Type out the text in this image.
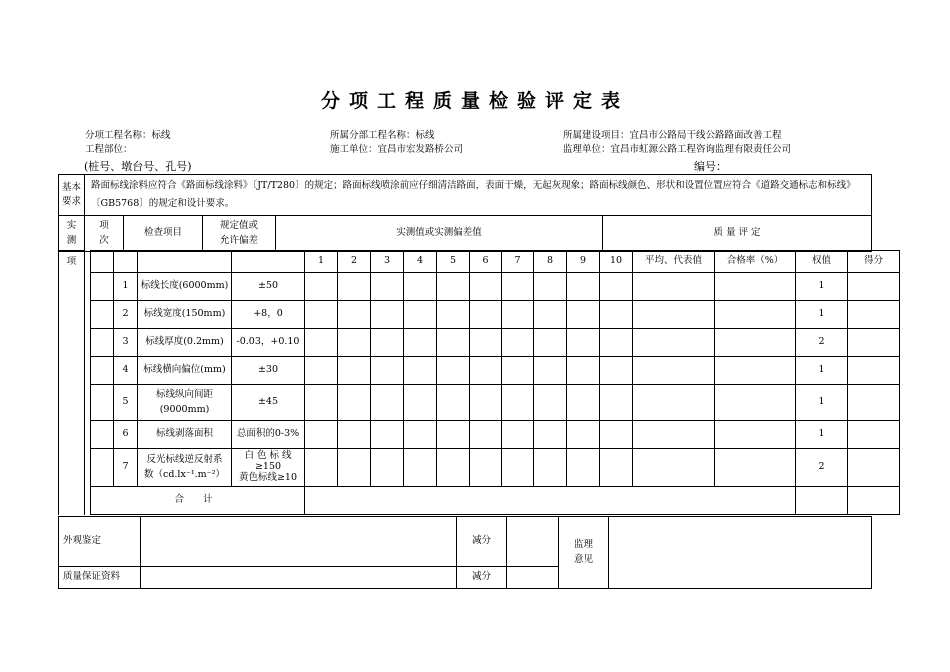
分项工程质量检验评定表
分项工程名称：标线	所属分部工程名称：标线	所属建设项目：宜昌市公路局干线公路路面改善工程
工程部位：	施工单位：宜昌市宏发路桥公司	监理单位：宜昌市虹源公路工程咨询监理有限责任公司
(桩号、墩台号、孔号)	编号：
基本
要求	路面标线涂料应符合《路面标线涂料》〔JT/T280〕的规定；路面标线喷涂前应仔细清洁路面，表面干燥，无起灰现象；路面标线颜色、形状和设置位置应符合《道路交通标志和标线》〔GB5768〕的规定和设计要求。				
实
测	项
次	检查项目	规定值或
允许偏差	实测值或实测偏差值	质 量 评 定
项						1	2	3	4	5	6	7	8	9	10	平均、代表值	合格率（%）	权值	得分
			1	标线长度(6000mm)	±50													1	
			2	标线宽度(150mm)	+8，0													1	
			3	标线厚度(0.2mm)	-0.03，+0.10													2	
			4	标线横向偏位(mm)	±30													1	
			5	标线纵向间距
(9000mm)	±45													1	
			6	标线剥落面积	总面积的0-3%													1	
			7	反光标线逆反射系
数（cd.lx⁻¹.m⁻²）	白 色 标 线
≥150
黄色标线≥10													2	
		合 计																	
外观鉴定		减分		监理
意见	
质量保证资料		减分			
